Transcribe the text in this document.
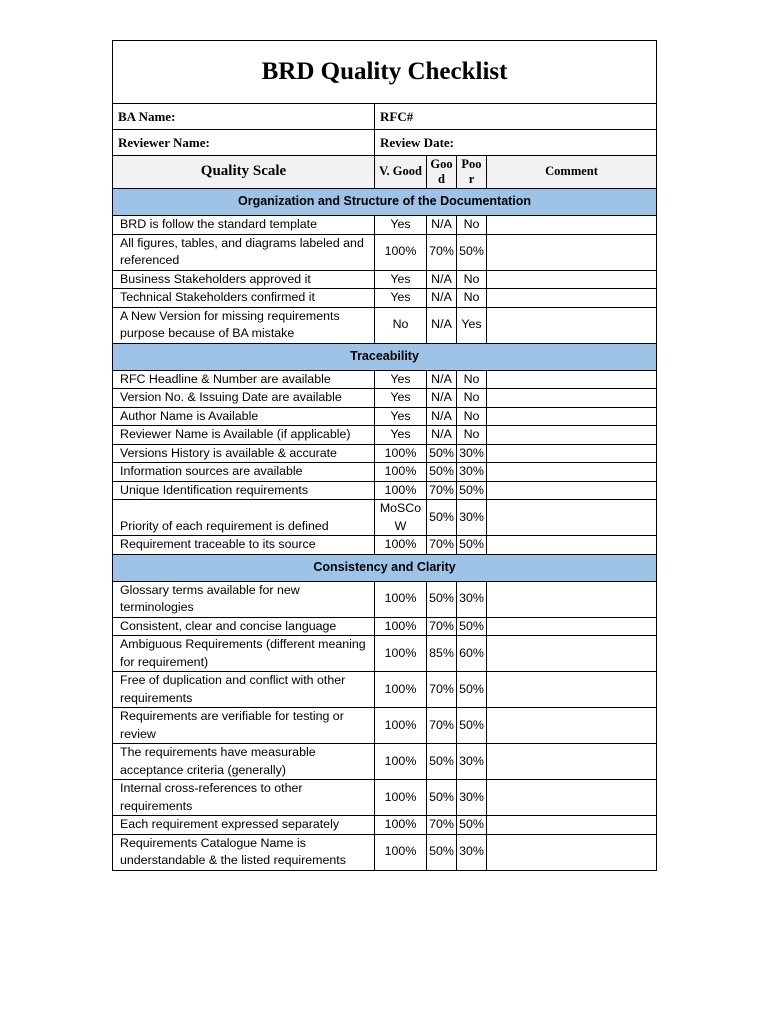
BRD Quality Checklist				
BA Name:	RFC#			
Reviewer Name:	Review Date:			
Quality Scale	V. Good	Good	Poor	Comment
Organization and Structure of the Documentation				
BRD is follow the standard template	Yes	N/A	No	
All figures, tables, and diagrams labeled and referenced	100%	70%	50%	
Business Stakeholders approved it	Yes	N/A	No	
Technical Stakeholders confirmed it	Yes	N/A	No	
A New Version for missing requirements purpose because of BA mistake	No	N/A	Yes	
Traceability				
RFC Headline & Number are available	Yes	N/A	No	
Version No. & Issuing Date are available	Yes	N/A	No	
Author Name is Available	Yes	N/A	No	
Reviewer Name is Available (if applicable)	Yes	N/A	No	
Versions History is available & accurate	100%	50%	30%	
Information sources are available	100%	50%	30%	
Unique Identification requirements	100%	70%	50%	
Priority of each requirement is defined	MoSCoW	50%	30%	
Requirement traceable to its source	100%	70%	50%	
Consistency and Clarity				
Glossary terms available for new terminologies	100%	50%	30%	
Consistent, clear and concise language	100%	70%	50%	
Ambiguous Requirements (different meaning for requirement)	100%	85%	60%	
Free of duplication and conflict with other requirements	100%	70%	50%	
Requirements are verifiable for testing or review	100%	70%	50%	
The requirements have measurable acceptance criteria (generally)	100%	50%	30%	
Internal cross-references to other requirements	100%	50%	30%	
Each requirement expressed separately	100%	70%	50%	
Requirements Catalogue Name is understandable & the listed requirements	100%	50%	30%	
